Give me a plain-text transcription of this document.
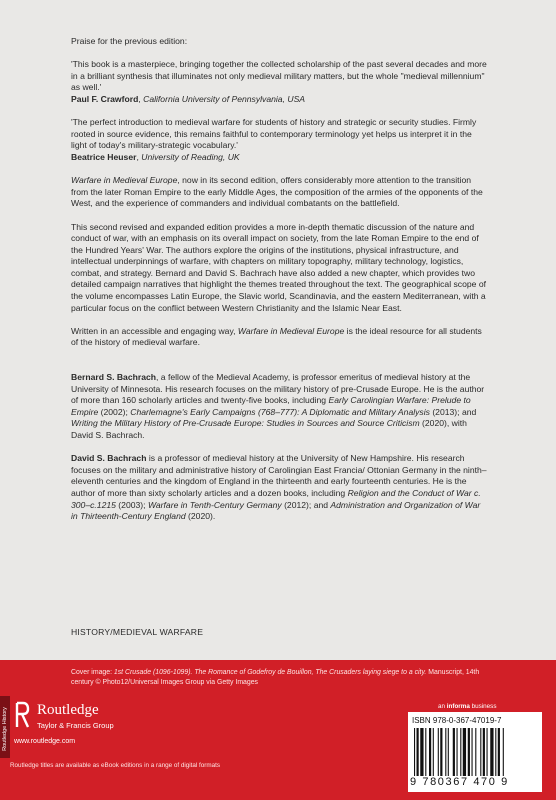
Praise for the previous edition:

'This book is a masterpiece, bringing together the collected scholarship of the past several decades and more in a brilliant synthesis that illuminates not only medieval military matters, but the whole "medieval millennium" as well.'

Paul F. Crawford, California University of Pennsylvania, USA

'The perfect introduction to medieval warfare for students of history and strategic or security studies. Firmly rooted in source evidence, this remains faithful to contemporary terminology yet helps us interpret it in the light of today's military-strategic vocabulary.'

Beatrice Heuser, University of Reading, UK

Warfare in Medieval Europe, now in its second edition, offers considerably more attention to the transition from the later Roman Empire to the early Middle Ages, the composition of the armies of the opponents of the West, and the experience of commanders and individual combatants on the battlefield.

This second revised and expanded edition provides a more in-depth thematic discussion of the nature and conduct of war, with an emphasis on its overall impact on society, from the late Roman Empire to the end of the Hundred Years' War. The authors explore the origins of the institutions, physical infrastructure, and intellectual underpinnings of warfare, with chapters on military topography, military technology, logistics, combat, and strategy. Bernard and David S. Bachrach have also added a new chapter, which provides two detailed campaign narratives that highlight the themes treated throughout the text. The geographical scope of the volume encompasses Latin Europe, the Slavic world, Scandinavia, and the eastern Mediterranean, with a particular focus on the conflict between Western Christianity and the Islamic Near East.

Written in an accessible and engaging way, Warfare in Medieval Europe is the ideal resource for all students of the history of medieval warfare.

Bernard S. Bachrach, a fellow of the Medieval Academy, is professor emeritus of medieval history at the University of Minnesota. His research focuses on the military history of pre-Crusade Europe. He is the author of more than 160 scholarly articles and twenty-five books, including Early Carolingian Warfare: Prelude to Empire (2002); Charlemagne's Early Campaigns (768–777): A Diplomatic and Military Analysis (2013); and Writing the Military History of Pre-Crusade Europe: Studies in Sources and Source Criticism (2020), with David S. Bachrach.

David S. Bachrach is a professor of medieval history at the University of New Hampshire. His research focuses on the military and administrative history of Carolingian East Francia/ Ottonian Germany in the ninth–eleventh centuries and the kingdom of England in the thirteenth and early fourteenth centuries. He is the author of more than sixty scholarly articles and a dozen books, including Religion and the Conduct of War c. 300–c.1215 (2003); Warfare in Tenth-Century Germany (2012); and Administration and Organization of War in Thirteenth-Century England (2020).

HISTORY/MEDIEVAL WARFARE
Cover image: 1st Crusade (1096-1099). The Romance of Godefroy de Bouillon, The Crusaders laying siege to a city. Manuscript, 14th century © Photo12/Universal Images Group via Getty Images
Routledge History Routledge
Taylor & Francis Group
www.routledge.com
an informa business
ISBN 978-0-367-47019-7
9 780367 470 9
Routledge titles are available as eBook editions in a range of digital formats
